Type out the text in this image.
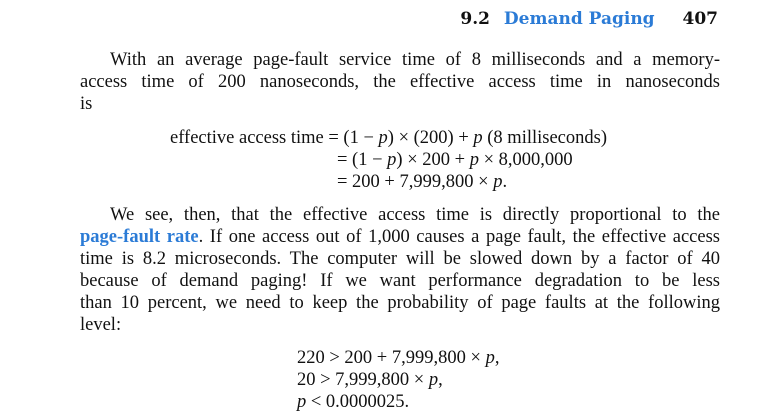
9.2 Demand Paging 407

With an average page-fault service time of 8 milliseconds and a memory-
access time of 200 nanoseconds, the effective access time in nanoseconds
is

effective access time = (1 − p) × (200) + p (8 milliseconds)
= (1 − p) × 200 + p × 8,000,000
= 200 + 7,999,800 × p.

We see, then, that the effective access time is directly proportional to the
page-fault rate. If one access out of 1,000 causes a page fault, the effective access
time is 8.2 microseconds. The computer will be slowed down by a factor of 40
because of demand paging! If we want performance degradation to be less
than 10 percent, we need to keep the probability of page faults at the following
level:

220 > 200 + 7,999,800 × p,
20 > 7,999,800 × p,
p < 0.0000025.
